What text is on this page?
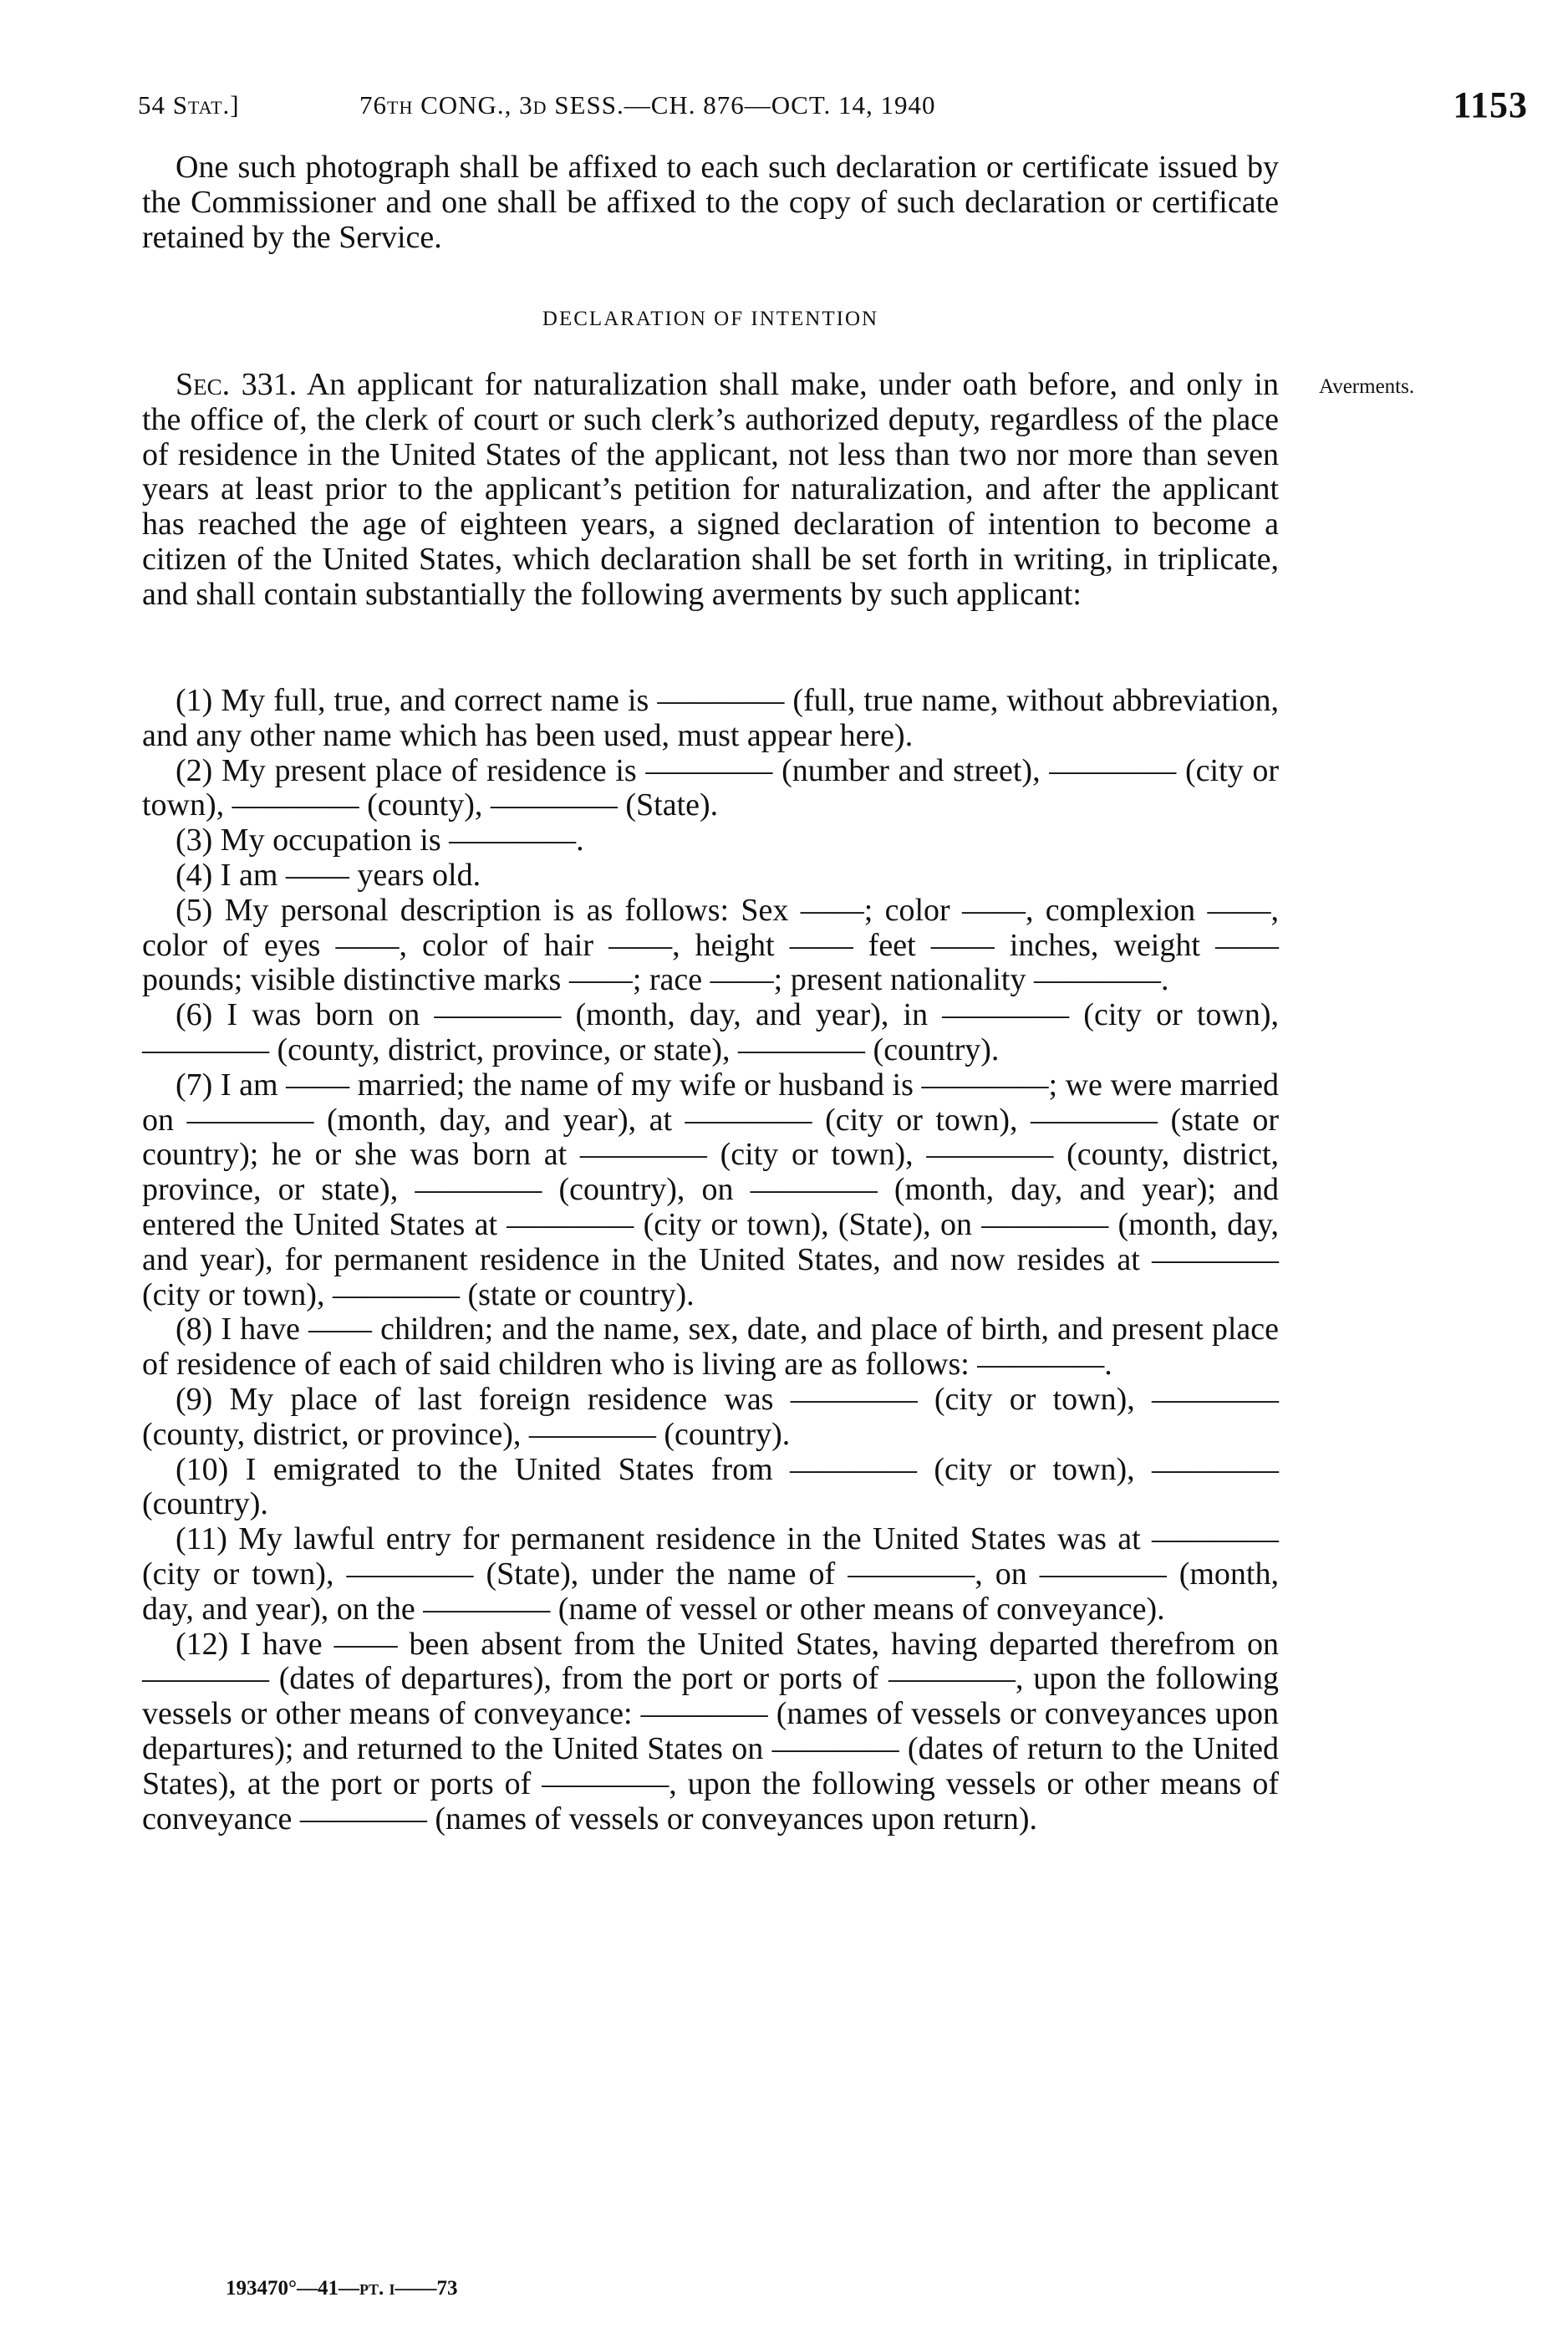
54 Stat.]	76th CONG., 3d SESS.—CH. 876—OCT. 14, 1940	1153

One such photograph shall be affixed to each such declaration or certificate issued by the Commissioner and one shall be affixed to the copy of such declaration or certificate retained by the Service.

DECLARATION OF INTENTION
Averments.

Sec. 331. An applicant for naturalization shall make, under oath before, and only in the office of, the clerk of court or such clerk’s authorized deputy, regardless of the place of residence in the United States of the applicant, not less than two nor more than seven years at least prior to the applicant’s petition for naturalization, and after the applicant has reached the age of eighteen years, a signed declaration of intention to become a citizen of the United States, which declaration shall be set forth in writing, in triplicate, and shall contain substantially the following averments by such applicant:

(1) My full, true, and correct name is ———— (full, true name, without abbreviation, and any other name which has been used, must appear here).

(2) My present place of residence is ———— (number and street), ———— (city or town), ———— (county), ———— (State).

(3) My occupation is ————.

(4) I am —— years old.

(5) My personal description is as follows: Sex ——; color ——, complexion ——, color of eyes ——, color of hair ——, height —— feet —— inches, weight —— pounds; visible distinctive marks ——; race ——; present nationality ————.

(6) I was born on ———— (month, day, and year), in ———— (city or town), ———— (county, district, province, or state), ———— (country).

(7) I am —— married; the name of my wife or husband is ————; we were married on ———— (month, day, and year), at ———— (city or town), ———— (state or country); he or she was born at ———— (city or town), ———— (county, district, province, or state), ———— (country), on ———— (month, day, and year); and entered the United States at ———— (city or town), (State), on ———— (month, day, and year), for permanent residence in the United States, and now resides at ———— (city or town), ———— (state or country).

(8) I have —— children; and the name, sex, date, and place of birth, and present place of residence of each of said children who is living are as follows: ————.

(9) My place of last foreign residence was ———— (city or town), ———— (county, district, or province), ———— (country).

(10) I emigrated to the United States from ———— (city or town), ———— (country).

(11) My lawful entry for permanent residence in the United States was at ———— (city or town), ———— (State), under the name of ————, on ———— (month, day, and year), on the ———— (name of vessel or other means of conveyance).

(12) I have —— been absent from the United States, having departed therefrom on ———— (dates of departures), from the port or ports of ————, upon the following vessels or other means of conveyance: ———— (names of vessels or conveyances upon departures); and returned to the United States on ———— (dates of return to the United States), at the port or ports of ————, upon the following vessels or other means of conveyance ———— (names of vessels or conveyances upon return).

193470°—41—pt. i——73
